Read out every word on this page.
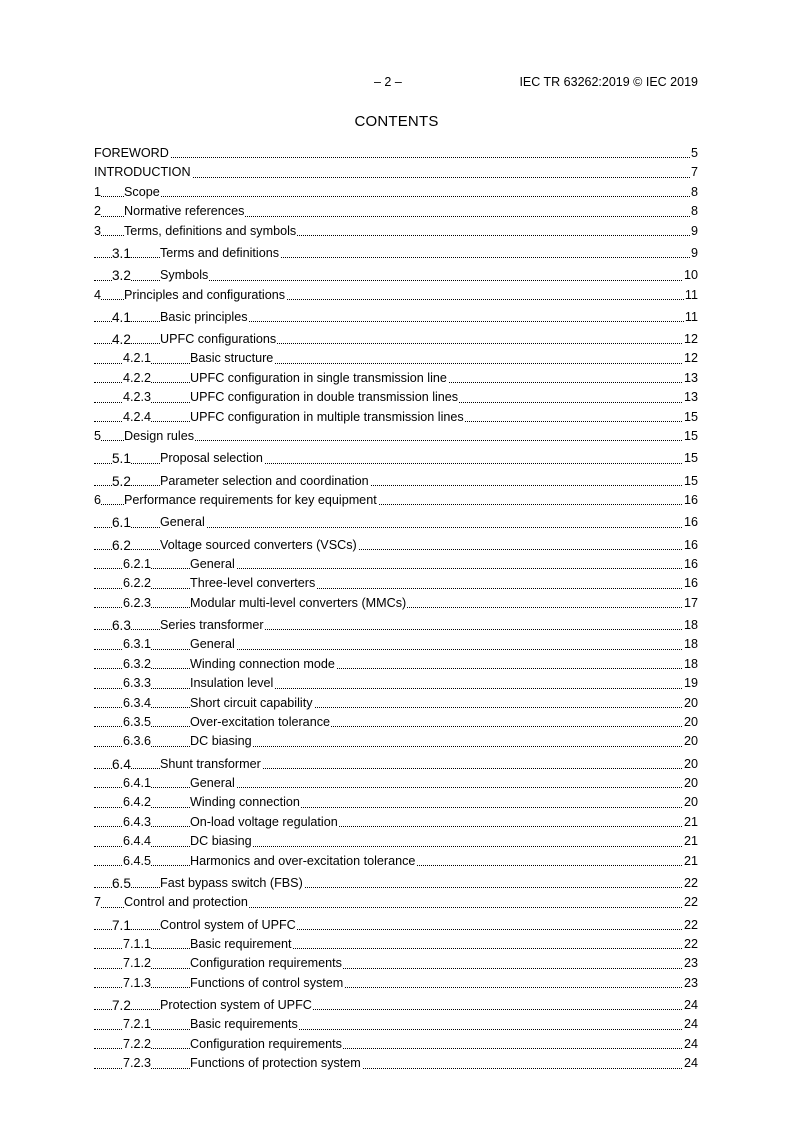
– 2 –	IEC TR 63262:2019 © IEC 2019
CONTENTS
FOREWORD	5
INTRODUCTION	7
1 Scope	8
2 Normative references	8
3 Terms, definitions and symbols	9
3.1 Terms and definitions	9
3.2 Symbols	10
4 Principles and configurations	11
4.1 Basic principles	11
4.2 UPFC configurations	12
4.2.1	Basic structure	12
4.2.2	UPFC configuration in single transmission line	13
4.2.3	UPFC configuration in double transmission lines	13
4.2.4	UPFC configuration in multiple transmission lines	15
5 Design rules	15
5.1 Proposal selection	15
5.2 Parameter selection and coordination	15
6 Performance requirements for key equipment	16
6.1 General	16
6.2 Voltage sourced converters (VSCs)	16
6.2.1	General	16
6.2.2	Three-level converters	16
6.2.3	Modular multi-level converters (MMCs)	17
6.3 Series transformer	18
6.3.1	General	18
6.3.2	Winding connection mode	18
6.3.3	Insulation level	19
6.3.4	Short circuit capability	20
6.3.5	Over-excitation tolerance	20
6.3.6	DC biasing	20
6.4 Shunt transformer	20
6.4.1	General	20
6.4.2	Winding connection	20
6.4.3	On-load voltage regulation	21
6.4.4	DC biasing	21
6.4.5	Harmonics and over-excitation tolerance	21
6.5 Fast bypass switch (FBS)	22
7 Control and protection	22
7.1 Control system of UPFC	22
7.1.1	Basic requirement	22
7.1.2	Configuration requirements	23
7.1.3	Functions of control system	23
7.2 Protection system of UPFC	24
7.2.1	Basic requirements	24
7.2.2	Configuration requirements	24
7.2.3	Functions of protection system	24
